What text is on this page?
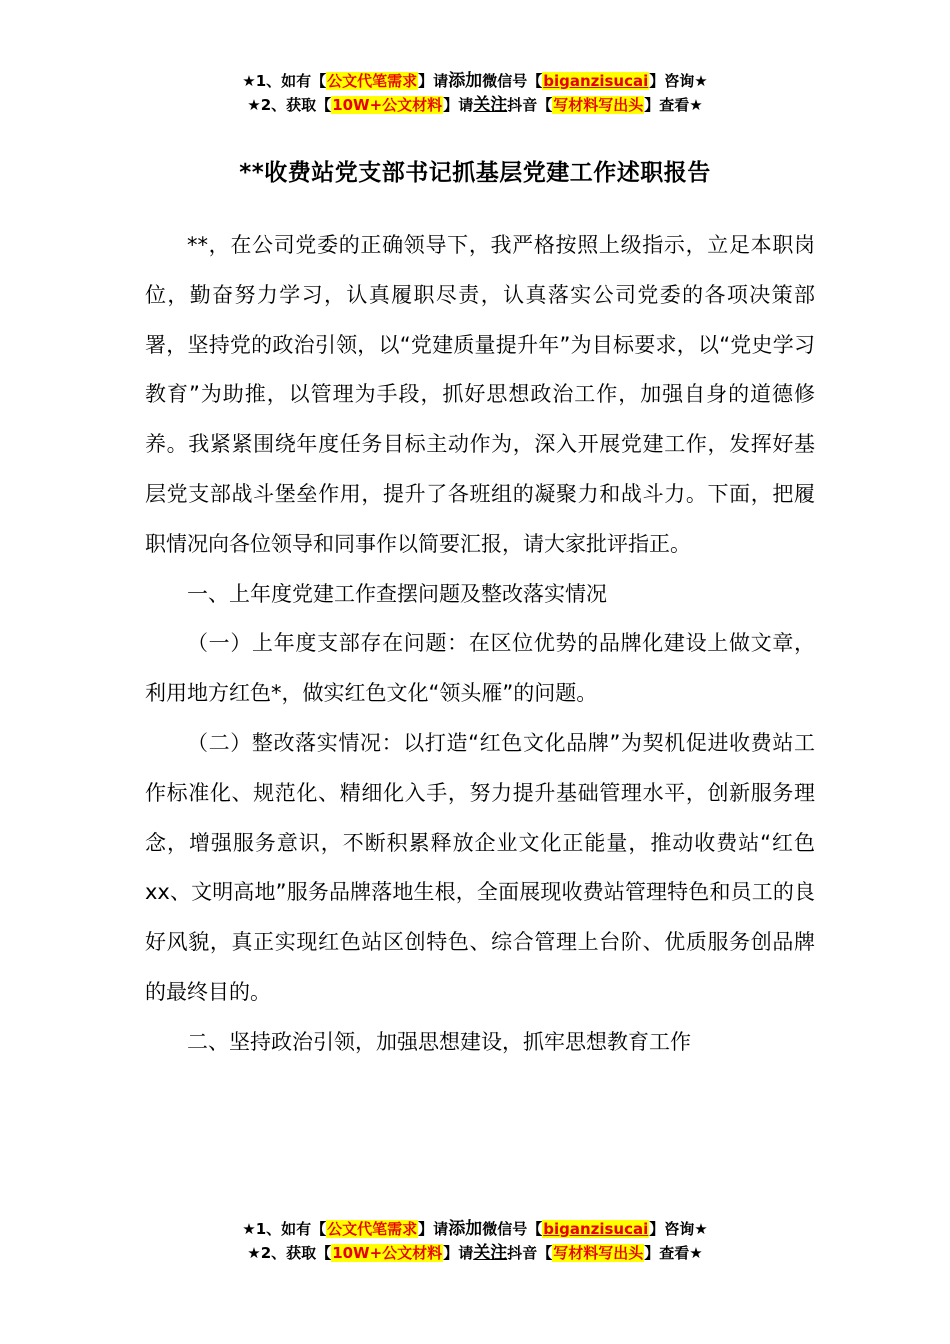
★1、如有【公文代笔需求】请添加微信号【biganzisucai】咨询★
★2、获取【10W+公文材料】请关注抖音【写材料写出头】查看★
**收费站党支部书记抓基层党建工作述职报告

**，在公司党委的正确领导下，我严格按照上级指示，立足本职岗位，勤奋努力学习，认真履职尽责，认真落实公司党委的各项决策部署，坚持党的政治引领，以“党建质量提升年”为目标要求，以“党史学习教育”为助推，以管理为手段，抓好思想政治工作，加强自身的道德修养。我紧紧围绕年度任务目标主动作为，深入开展党建工作，发挥好基层党支部战斗堡垒作用，提升了各班组的凝聚力和战斗力。下面，把履职情况向各位领导和同事作以简要汇报，请大家批评指正。

一、上年度党建工作查摆问题及整改落实情况

（一）上年度支部存在问题：在区位优势的品牌化建设上做文章，利用地方红色*，做实红色文化“领头雁”的问题。

（二）整改落实情况：以打造“红色文化品牌”为契机促进收费站工作标准化、规范化、精细化入手，努力提升基础管理水平，创新服务理念，增强服务意识，不断积累释放企业文化正能量，推动收费站“红色xx、文明高地”服务品牌落地生根，全面展现收费站管理特色和员工的良好风貌，真正实现红色站区创特色、综合管理上台阶、优质服务创品牌的最终目的。

二、坚持政治引领，加强思想建设，抓牢思想教育工作

★1、如有【公文代笔需求】请添加微信号【biganzisucai】咨询★
★2、获取【10W+公文材料】请关注抖音【写材料写出头】查看★
